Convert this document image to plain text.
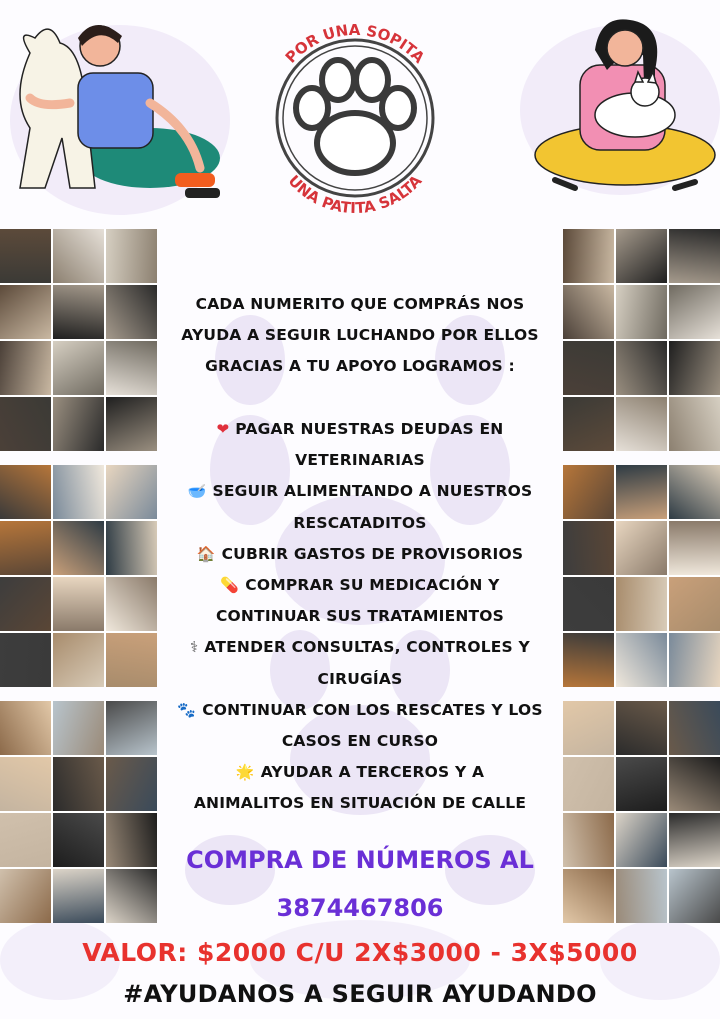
POR UNA SOPITA
UNA PATITA SALTA
CADA NUMERITO QUE COMPRÁS NOS
AYUDA A SEGUIR LUCHANDO POR ELLOS
GRACIAS A TU APOYO LOGRAMOS :
❤ PAGAR NUESTRAS DEUDAS EN
VETERINARIAS
🥣 SEGUIR ALIMENTANDO A NUESTROS
RESCATADITOS
🏠 CUBRIR GASTOS DE PROVISORIOS
💊 COMPRAR SU MEDICACIÓN Y
CONTINUAR SUS TRATAMIENTOS
⚕ ATENDER CONSULTAS, CONTROLES Y
CIRUGÍAS
🐾 CONTINUAR CON LOS RESCATES Y LOS
CASOS EN CURSO
🌟 AYUDAR A TERCEROS Y A
ANIMALITOS EN SITUACIÓN DE CALLE
COMPRA DE NÚMEROS AL
3874467806
VALOR: $2000 C/U 2X$3000 - 3X$5000
#AYUDANOS A SEGUIR AYUDANDO
